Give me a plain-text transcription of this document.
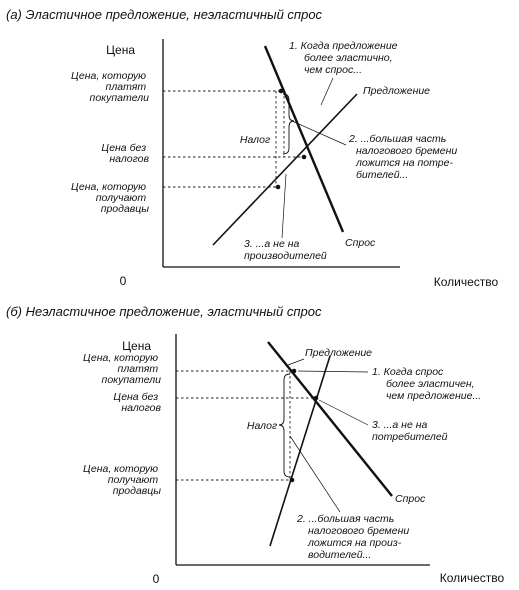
(а) Эластичное предложение, неэластичный спрос
Цена
Количество
0
Цена, которую платят покупатели
Цена без налогов
Цена, которую получают продавцы
Налог
Предложение
Спрос
1. Когда предложение более эластично, чем спрос...
2. ...большая часть налогового бремени ложится на потре- бителей...
3. ...а не на производителей
(б) Неэластичное предложение, эластичный спрос
Цена
Количество
0
Цена, которую платят покупатели
Цена без налогов
Цена, которую получают продавцы
Налог
Предложение
Спрос
1. Когда спрос более эластичен, чем предложение...
3. ...а не на потребителей
2. ...большая часть налогового бремени ложится на произ- водителей...
